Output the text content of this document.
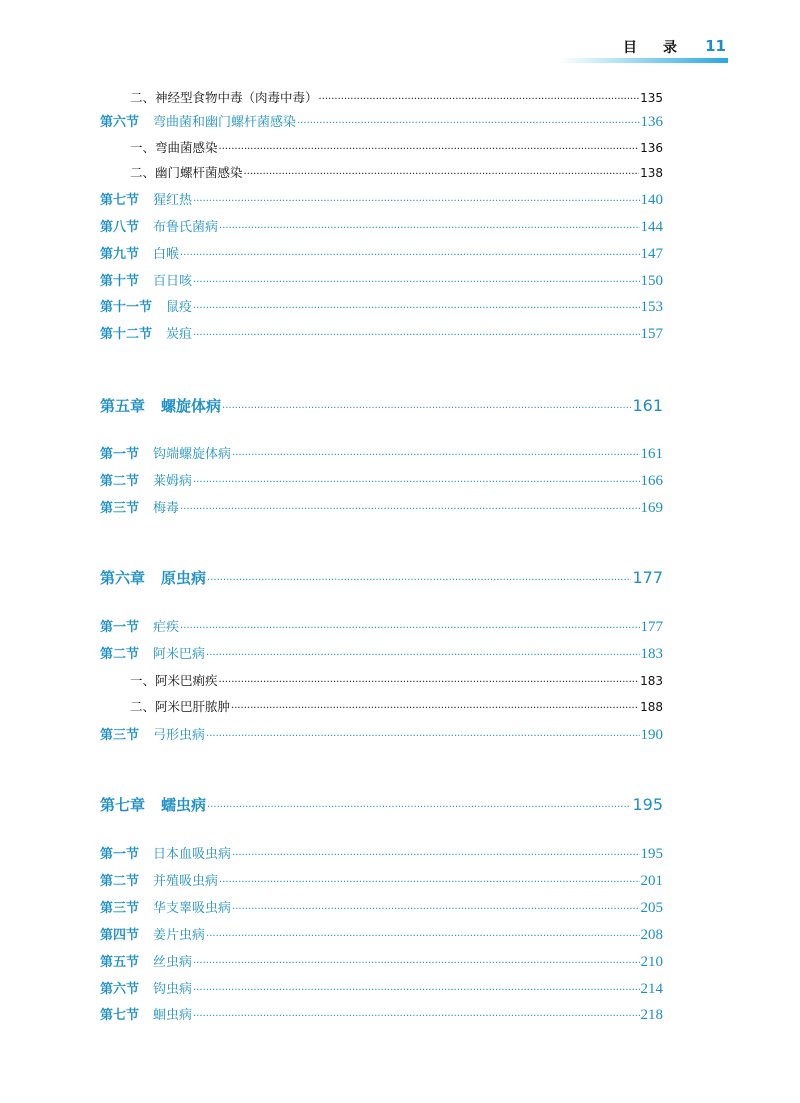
目录 11
二、神经型食物中毒（肉毒中毒） ·····	135
第六节 弯曲菌和幽门螺杆菌感染 ·····	136
一、弯曲菌感染 ·····	136
二、幽门螺杆菌感染 ·····	138
第七节 猩红热 ·····	140
第八节 布鲁氏菌病 ·····	144
第九节 白喉 ·····	147
第十节 百日咳 ·····	150
第十一节 鼠疫 ·····	153
第十二节 炭疽 ·····	157
第五章 螺旋体病 ·····	161
第一节 钩端螺旋体病 ·····	161
第二节 莱姆病 ·····	166
第三节 梅毒 ·····	169
第六章 原虫病 ·····	177
第一节 疟疾 ·····	177
第二节 阿米巴病 ·····	183
一、阿米巴痢疾 ·····	183
二、阿米巴肝脓肿 ·····	188
第三节 弓形虫病 ·····	190
第七章 蠕虫病 ·····	195
第一节 日本血吸虫病 ·····	195
第二节 并殖吸虫病 ·····	201
第三节 华支睾吸虫病 ·····	205
第四节 姜片虫病 ·····	208
第五节 丝虫病 ·····	210
第六节 钩虫病 ·····	214
第七节 蛔虫病 ·····	218
